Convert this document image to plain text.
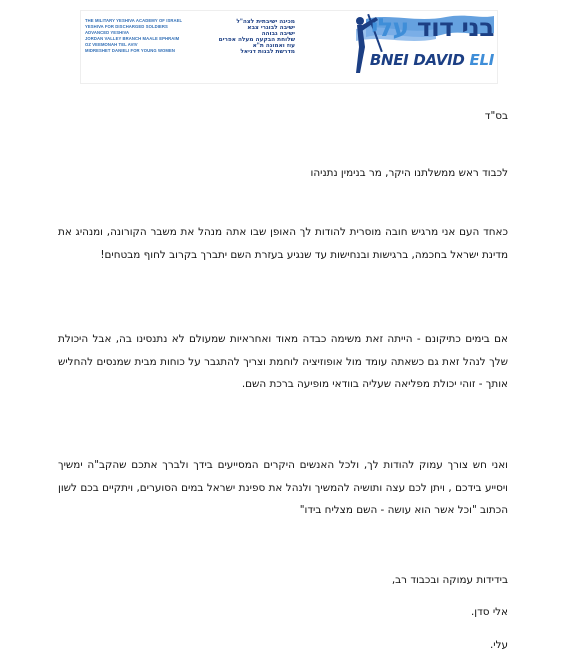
THE MILITARY YESHIVA ACADEMY OF ISRAEL	מכינה ישיבתית לצה"ל
YESHIVA FOR DISCHARGED SOLDIERS	ישיבה לבוגרי צבא
ADVANCED YESHIVA	ישיבה גבוהה
JORDAN VALLEY BRANCH MAALE EPHRAIM	שלוחת הבקעה מעלה אפרים
OZ VEEMONAH TEL AVIV	עוז ואמונה ת"א
MIDRESHET DANIELI FOR YOUNG WOMEN	מדרשת לבנות דניאל
בני דוד עלי
BNEI DAVID ELI
בס"ד
לכבוד ראש ממשלתנו היקר, מר בנימין נתניהו
כאחד העם אני מרגיש חובה מוסרית להודות לך האופן שבו אתה מנהל את משבר הקורונה, ומנהיג את מדינת ישראל בחכמה, ברגישות ובנחישות עד שנגיע בעזרת השם יתברך בקרוב לחוף מבטחים!
אם בימים כתיקונם - הייתה זאת משימה כבדה מאוד ואחראיות שמעולם לא נתנסינו בה, אבל היכולת שלך לנהל זאת גם כשאתה עומד מול אופוזיציה לוחמת וצריך להתגבר על כוחות מבית שמנסים להחליש אותך - זוהי יכולת מפליאה שעליה בוודאי מופיעה ברכת השם.
ואני חש צורך עמוק להודות לך, ולכל האנשים היקרים המסייעים בידך ולברך אתכם שהקב"ה ימשיך ויסייע בידכם , ויתן לכם עצה ותושיה להמשיך ולנהל את ספינת ישראל במים הסוערים, ויתקיים בכם לשון הכתוב "וכל אשר הוא עושה - השם מצליח בידו"
בידידות עמוקה ובכבוד רב,
אלי סדן.
עלי.
